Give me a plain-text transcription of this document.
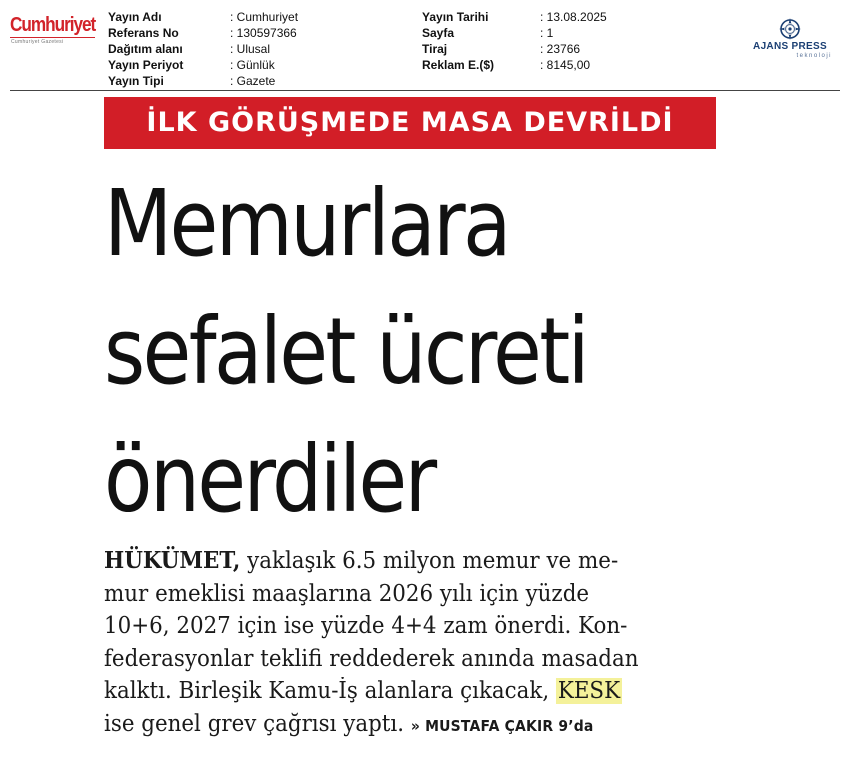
Cumhuriyet
Cumhuriyet Gazetesi
Yayın Adı	: Cumhuriyet
Referans No	: 130597366
Dağıtım alanı	: Ulusal
Yayın Periyot	: Günlük
Yayın Tipi	: Gazete
Yayın Tarihi	: 13.08.2025
Sayfa	: 1
Tiraj	: 23766
Reklam E.($)	: 8145,00
AJANS PRESS
teknoloji
İLK GÖRÜŞMEDE MASA DEVRİLDİ
Memurlara
sefalet ücreti
önerdiler
HÜKÜMET, yaklaşık 6.5 milyon memur ve me-
mur emeklisi maaşlarına 2026 yılı için yüzde
10+6, 2027 için ise yüzde 4+4 zam önerdi. Kon-
federasyonlar teklifi reddederek anında masadan
kalktı. Birleşik Kamu-İş alanlara çıkacak, KESK
ise genel grev çağrısı yaptı. » MUSTAFA ÇAKIR 9’da
